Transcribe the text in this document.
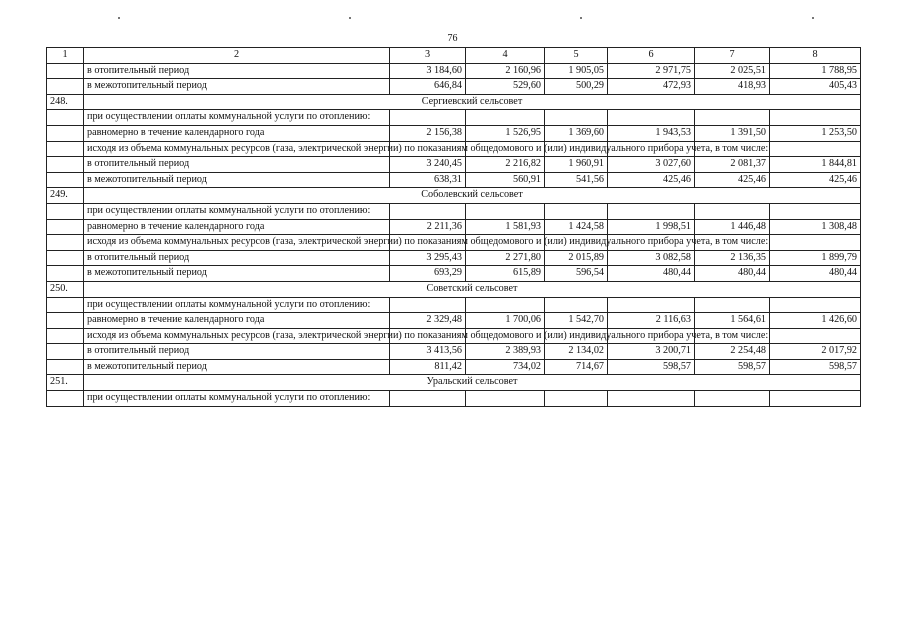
76
1	2	3	4	5	6	7	8
	в отопительный период	3 184,60	2 160,96	1 905,05	2 971,75	2 025,51	1 788,95
	в межотопительный период	646,84	529,60	500,29	472,93	418,93	405,43
248.	Сергиевский сельсовет						
	при осуществлении оплаты коммунальной услуги по отоплению:						
	равномерно в течение календарного года	2 156,38	1 526,95	1 369,60	1 943,53	1 391,50	1 253,50
	исходя из объема коммунальных ресурсов (газа, электрической энергии) по показаниям общедомового и (или) индивидуального прибора учета, в том числе:						
	в отопительный период	3 240,45	2 216,82	1 960,91	3 027,60	2 081,37	1 844,81
	в межотопительный период	638,31	560,91	541,56	425,46	425,46	425,46
249.	Соболевский сельсовет						
	при осуществлении оплаты коммунальной услуги по отоплению:						
	равномерно в течение календарного года	2 211,36	1 581,93	1 424,58	1 998,51	1 446,48	1 308,48
	исходя из объема коммунальных ресурсов (газа, электрической энергии) по показаниям общедомового и (или) индивидуального прибора учета, в том числе:						
	в отопительный период	3 295,43	2 271,80	2 015,89	3 082,58	2 136,35	1 899,79
	в межотопительный период	693,29	615,89	596,54	480,44	480,44	480,44
250.	Советский сельсовет						
	при осуществлении оплаты коммунальной услуги по отоплению:						
	равномерно в течение календарного года	2 329,48	1 700,06	1 542,70	2 116,63	1 564,61	1 426,60
	исходя из объема коммунальных ресурсов (газа, электрической энергии) по показаниям общедомового и (или) индивидуального прибора учета, в том числе:						
	в отопительный период	3 413,56	2 389,93	2 134,02	3 200,71	2 254,48	2 017,92
	в межотопительный период	811,42	734,02	714,67	598,57	598,57	598,57
251.	Уральский сельсовет						
	при осуществлении оплаты коммунальной услуги по отоплению:						
